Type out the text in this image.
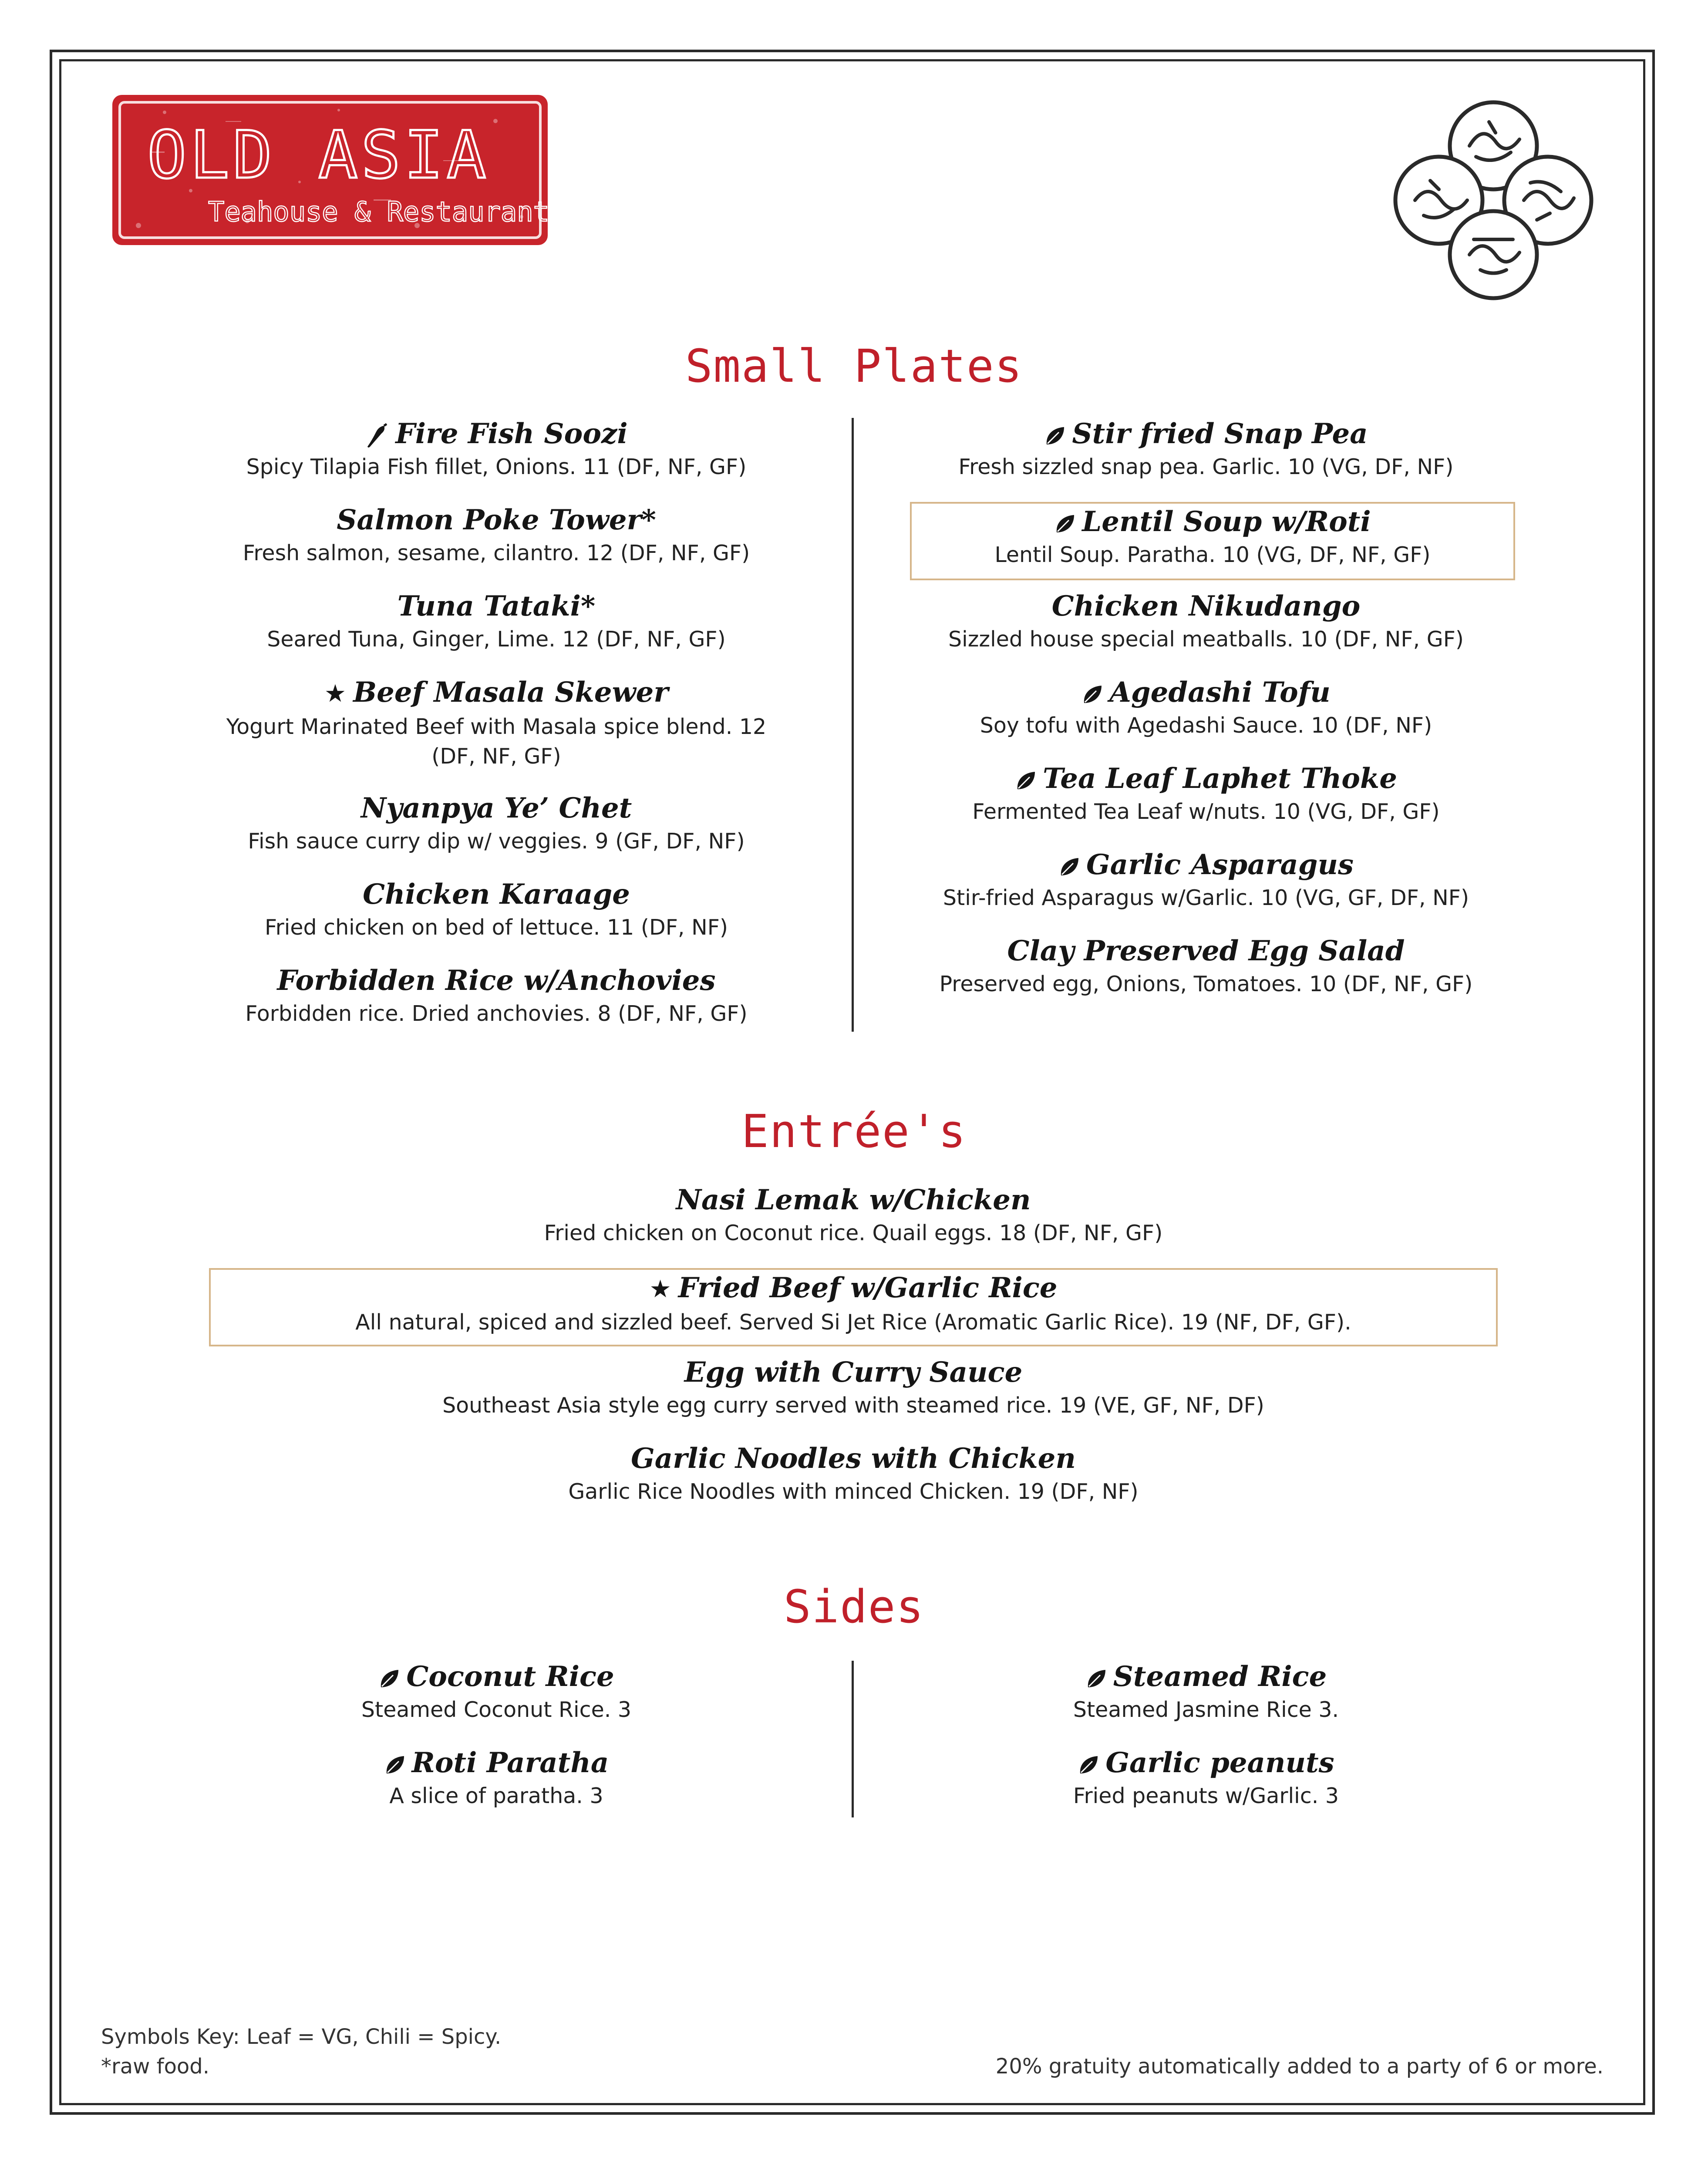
OLD ASIA
Teahouse & Restaurant
Small Plates
Fire Fish Soozi
Spicy Tilapia Fish fillet, Onions. 11 (DF, NF, GF)
Salmon Poke Tower*
Fresh salmon, sesame, cilantro. 12 (DF, NF, GF)
Tuna Tataki*
Seared Tuna, Ginger, Lime. 12 (DF, NF, GF)
★ Beef Masala Skewer
Yogurt Marinated Beef with Masala spice blend. 12
(DF, NF, GF)
Nyanpya Ye’ Chet
Fish sauce curry dip w/ veggies. 9 (GF, DF, NF)
Chicken Karaage
Fried chicken on bed of lettuce. 11 (DF, NF)
Forbidden Rice w/Anchovies
Forbidden rice. Dried anchovies. 8 (DF, NF, GF)
Stir fried Snap Pea
Fresh sizzled snap pea. Garlic. 10 (VG, DF, NF)
Lentil Soup w/Roti
Lentil Soup. Paratha. 10 (VG, DF, NF, GF)
Chicken Nikudango
Sizzled house special meatballs. 10 (DF, NF, GF)
Agedashi Tofu
Soy tofu with Agedashi Sauce. 10 (DF, NF)
Tea Leaf Laphet Thoke
Fermented Tea Leaf w/nuts. 10 (VG, DF, GF)
Garlic Asparagus
Stir-fried Asparagus w/Garlic. 10 (VG, GF, DF, NF)
Clay Preserved Egg Salad
Preserved egg, Onions, Tomatoes. 10 (DF, NF, GF)
Entrée's
Nasi Lemak w/Chicken
Fried chicken on Coconut rice. Quail eggs. 18 (DF, NF, GF)
★ Fried Beef w/Garlic Rice
All natural, spiced and sizzled beef. Served Si Jet Rice (Aromatic Garlic Rice). 19 (NF, DF, GF).
Egg with Curry Sauce
Southeast Asia style egg curry served with steamed rice. 19 (VE, GF, NF, DF)
Garlic Noodles with Chicken
Garlic Rice Noodles with minced Chicken. 19 (DF, NF)
Sides
Coconut Rice
Steamed Coconut Rice. 3
Roti Paratha
A slice of paratha. 3
Steamed Rice
Steamed Jasmine Rice 3.
Garlic peanuts
Fried peanuts w/Garlic. 3
Symbols Key: Leaf = VG, Chili = Spicy.
*raw food.	20% gratuity automatically added to a party of 6 or more.
